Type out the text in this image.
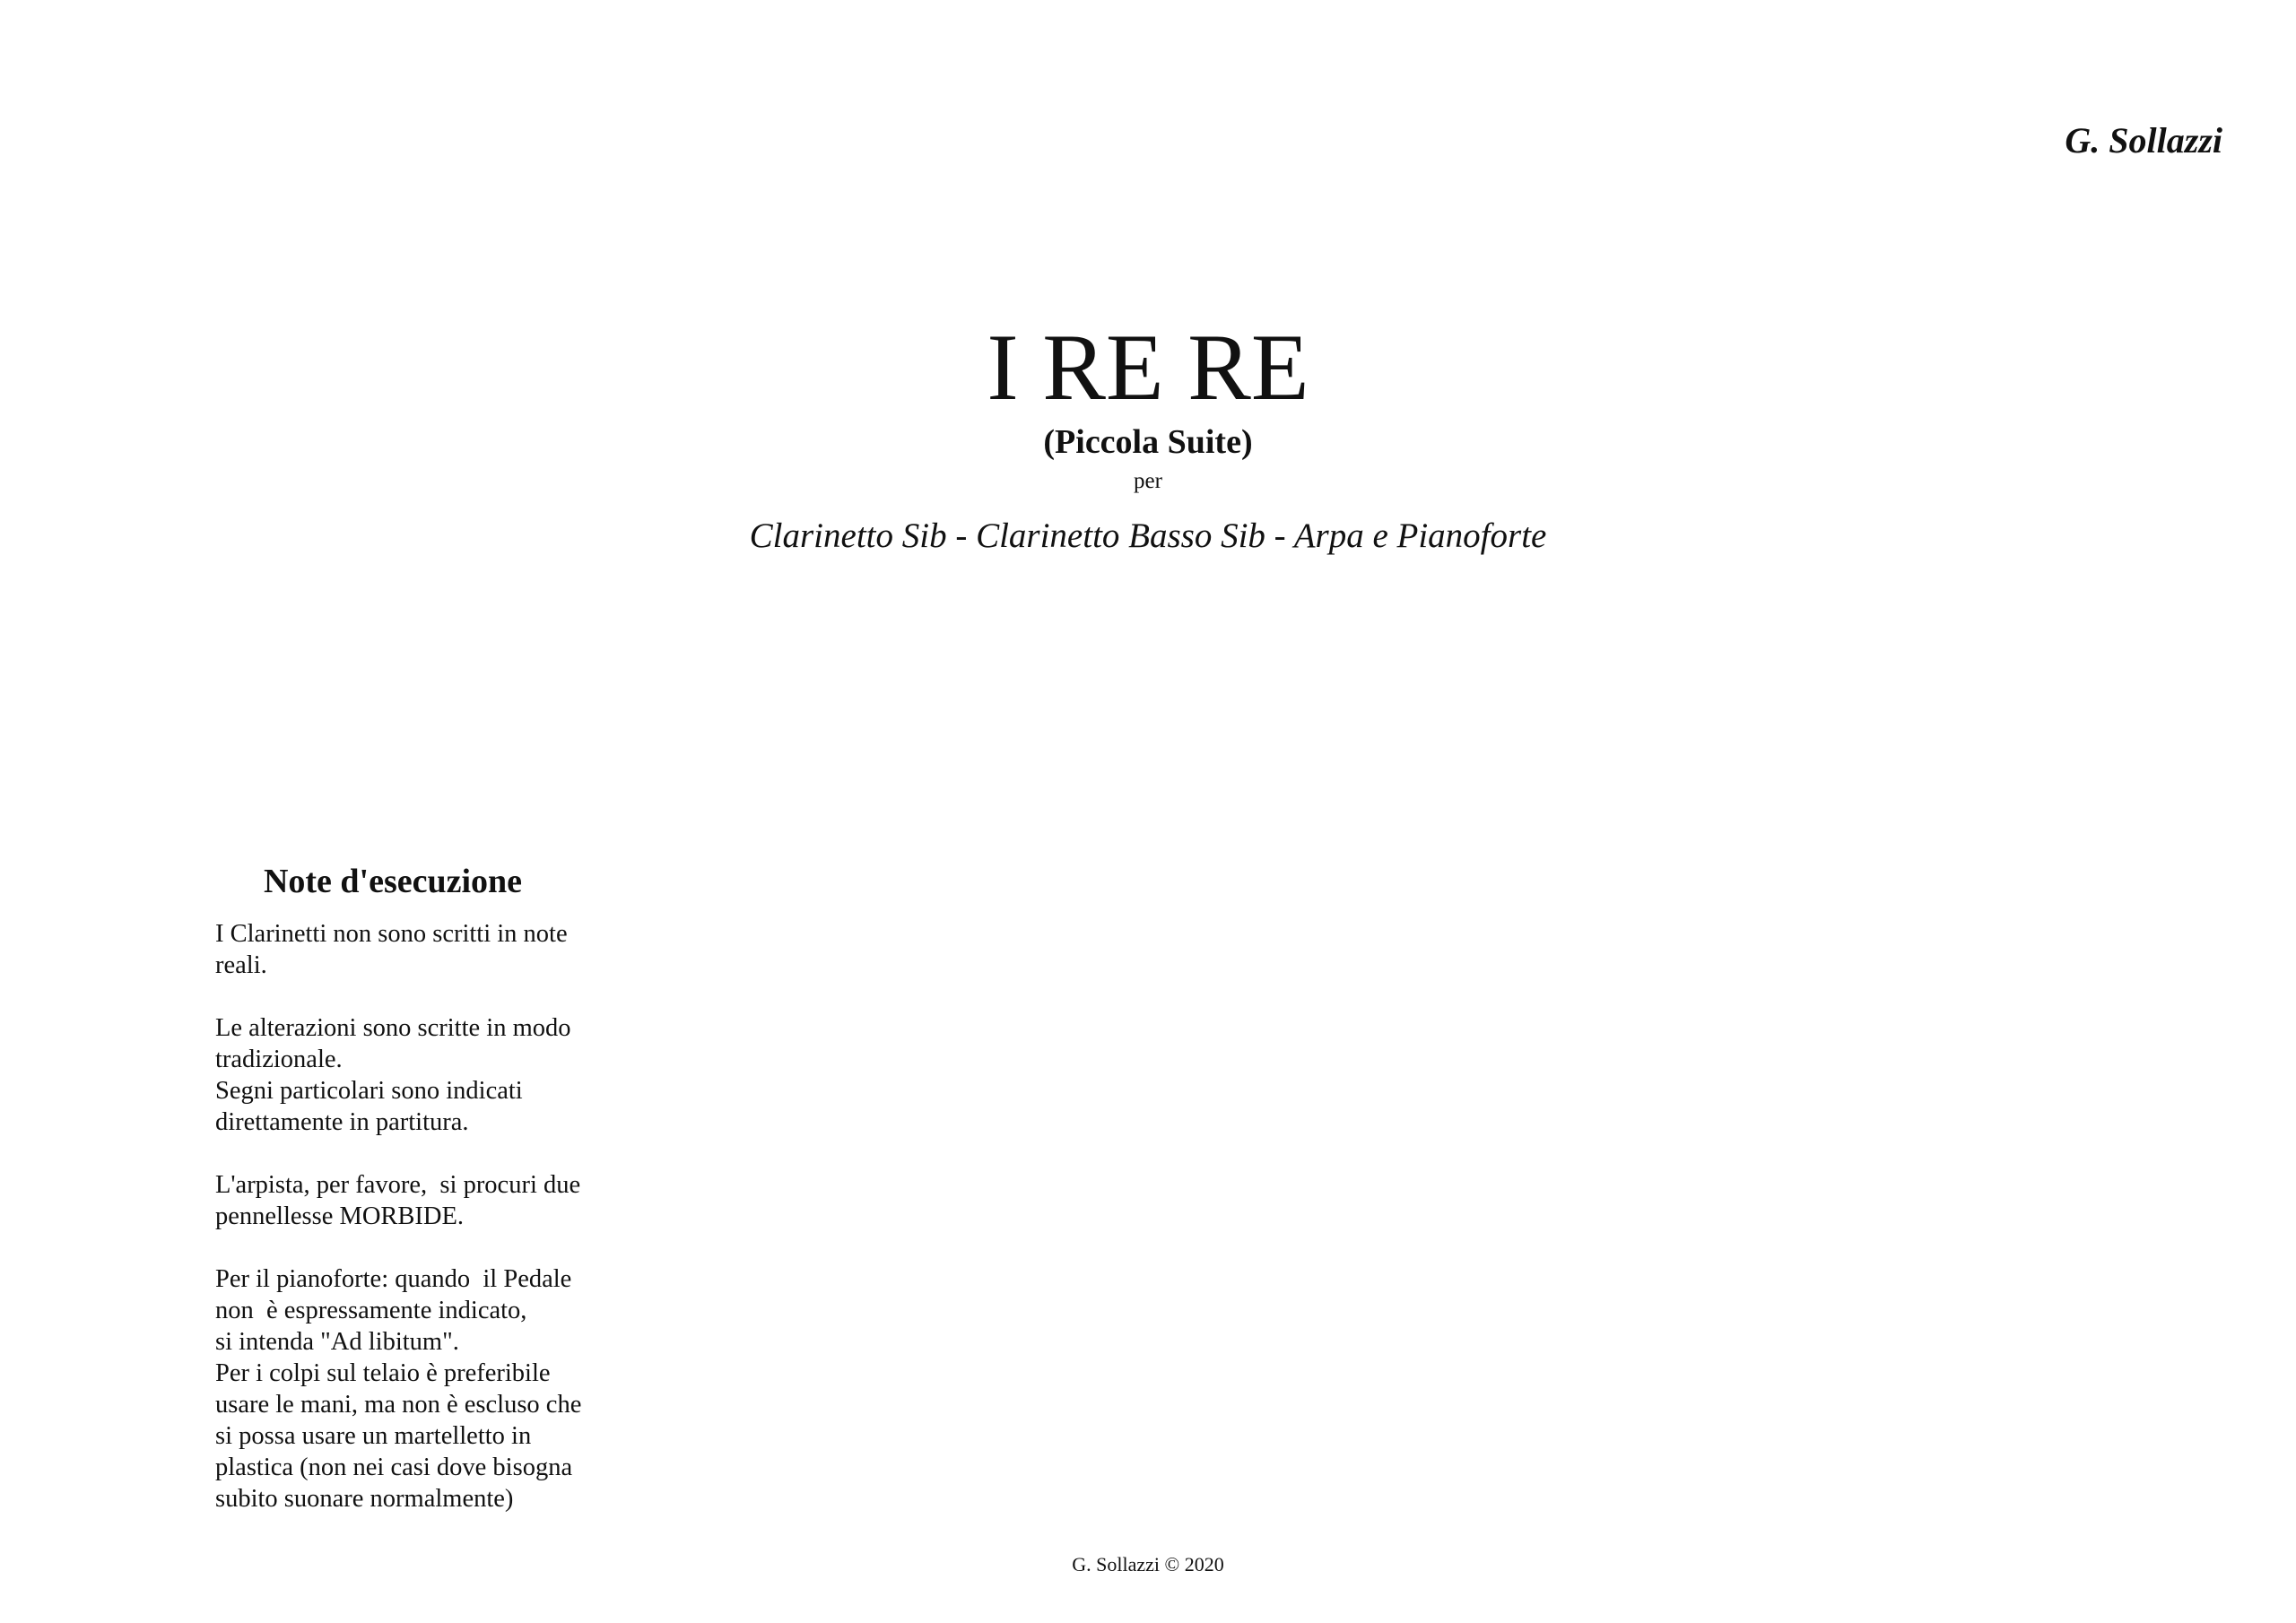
G. Sollazzi
I RE RE
(Piccola Suite)
per
Clarinetto Sib - Clarinetto Basso Sib - Arpa e Pianoforte
Note d'esecuzione
I Clarinetti non sono scritti in note
reali.
Le alterazioni sono scritte in modo
tradizionale.
Segni particolari sono indicati
direttamente in partitura.
L'arpista, per favore,  si procuri due
pennellesse MORBIDE.
Per il pianoforte: quando  il Pedale
non  è espressamente indicato,
si intenda "Ad libitum".
Per i colpi sul telaio è preferibile
usare le mani, ma non è escluso che
si possa usare un martelletto in
plastica (non nei casi dove bisogna
subito suonare normalmente)
G. Sollazzi © 2020
